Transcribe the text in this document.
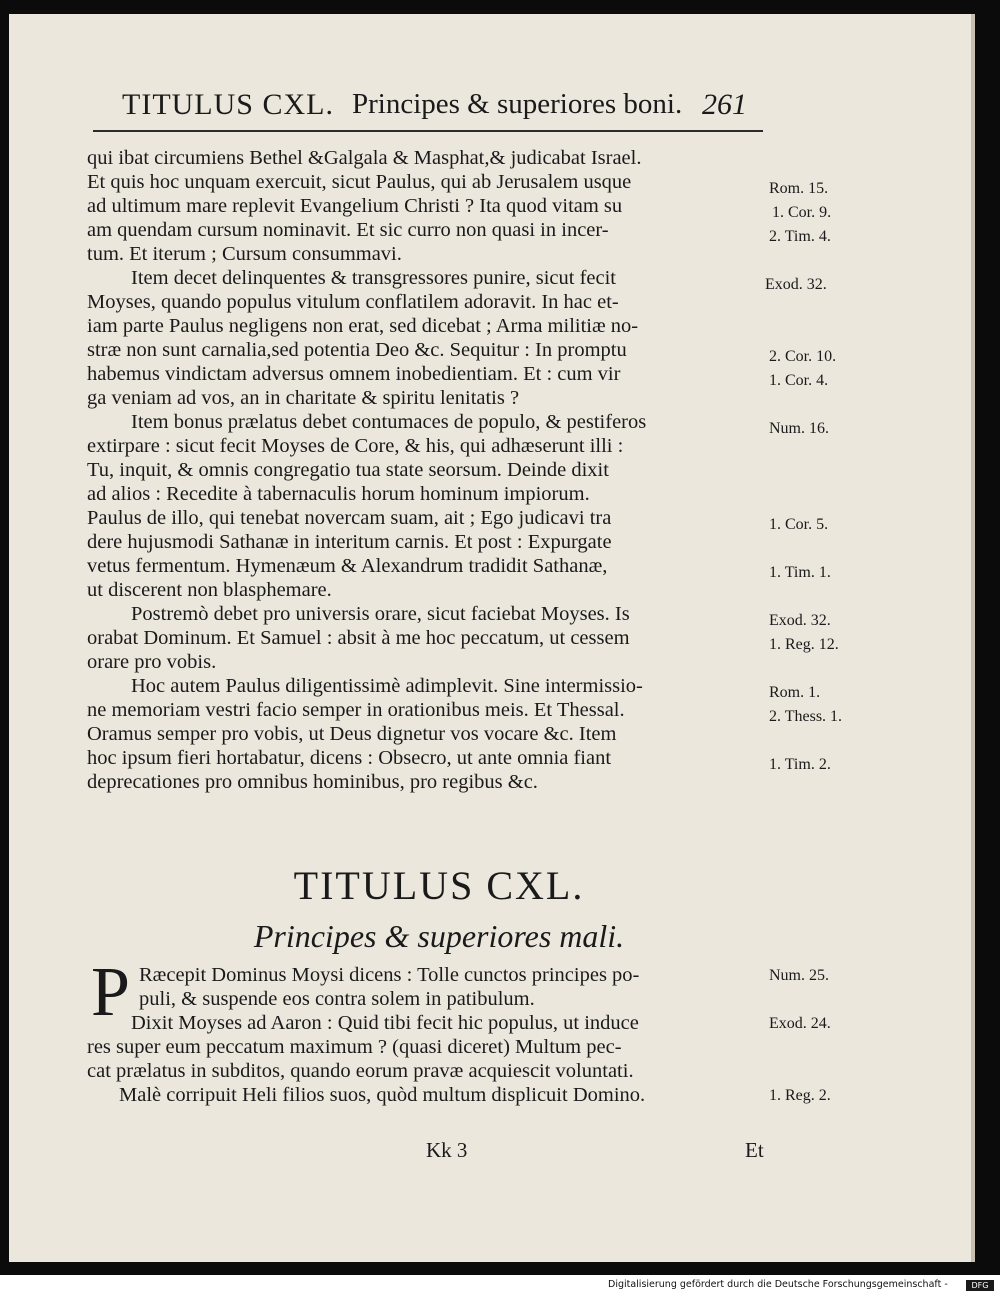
TITULUS CXL. Principes & superiores boni. 261
qui ibat circumiens Bethel &Galgala & Masphat,& judicabat Israel.
Et quis hoc unquam exercuit, sicut Paulus, qui ab Jerusalem usque
ad ultimum mare replevit Evangelium Christi ? Ita quod vitam su
am quendam cursum nominavit. Et sic curro non quasi in incer-
tum. Et iterum ; Cursum consummavi.
Item decet delinquentes & transgressores punire, sicut fecit
Moyses, quando populus vitulum conflatilem adoravit. In hac et-
iam parte Paulus negligens non erat, sed dicebat ; Arma militiæ no-
stræ non sunt carnalia,sed potentia Deo &c. Sequitur : In promptu
habemus vindictam adversus omnem inobedientiam. Et : cum vir
ga veniam ad vos, an in charitate & spiritu lenitatis ?
Item bonus prælatus debet contumaces de populo, & pestiferos
extirpare : sicut fecit Moyses de Core, & his, qui adhæserunt illi :
Tu, inquit, & omnis congregatio tua state seorsum. Deinde dixit
ad alios : Recedite à tabernaculis horum hominum impiorum.
Paulus de illo, qui tenebat novercam suam, ait ; Ego judicavi tra
dere hujusmodi Sathanæ in interitum carnis. Et post : Expurgate
vetus fermentum. Hymenæum & Alexandrum tradidit Sathanæ,
ut discerent non blasphemare.
Postremò debet pro universis orare, sicut faciebat Moyses. Is
orabat Dominum. Et Samuel : absit à me hoc peccatum, ut cessem
orare pro vobis.
Hoc autem Paulus diligentissimè adimplevit. Sine intermissio-
ne memoriam vestri facio semper in orationibus meis. Et Thessal.
Oramus semper pro vobis, ut Deus dignetur vos vocare &c. Item
hoc ipsum fieri hortabatur, dicens : Obsecro, ut ante omnia fiant
deprecationes pro omnibus hominibus, pro regibus &c.
Rom. 15.
1. Cor. 9.
2. Tim. 4.
Exod. 32.
2. Cor. 10.
1. Cor. 4.
Num. 16.
1. Cor. 5.
1. Tim. 1.
Exod. 32.
1. Reg. 12.
Rom. 1.
2. Thess. 1.
1. Tim. 2.
TITULUS CXL.
Principes & superiores mali.
P Ræcepit Dominus Moysi dicens : Tolle cunctos principes po-
puli, & suspende eos contra solem in patibulum.
Dixit Moyses ad Aaron : Quid tibi fecit hic populus, ut induce
res super eum peccatum maximum ? (quasi diceret) Multum pec-
cat prælatus in subditos, quando eorum pravæ acquiescit voluntati.
Malè corripuit Heli filios suos, quòd multum displicuit Domino.
Num. 25.
Exod. 24.
1. Reg. 2.
Kk 3	Et
Digitalisierung gefördert durch die Deutsche Forschungsgemeinschaft -	DFG
